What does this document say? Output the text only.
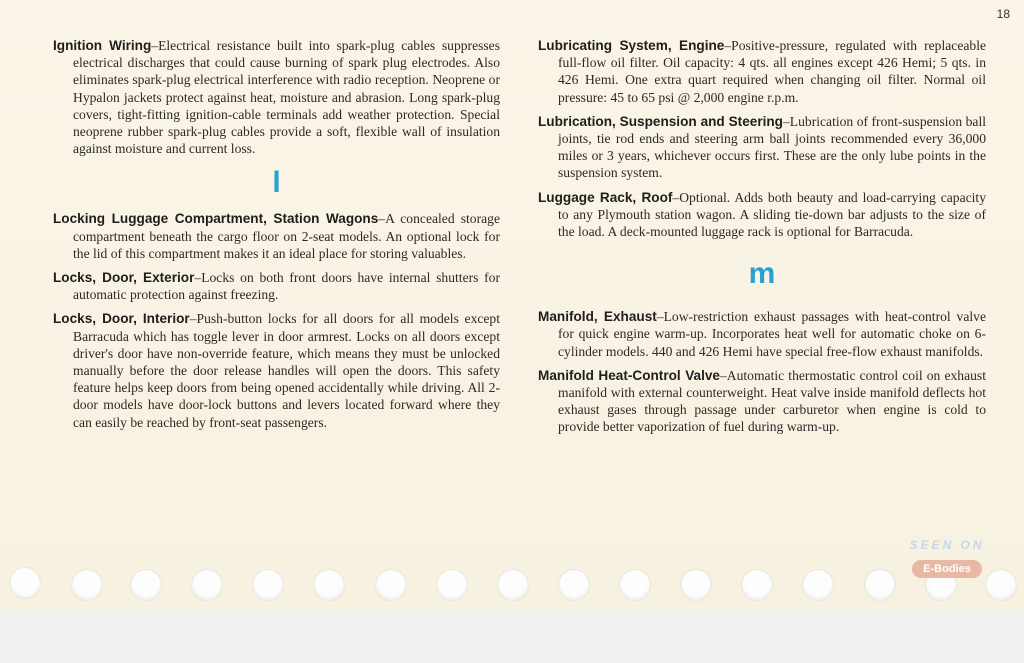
18

Ignition Wiring–Electrical resistance built into spark-plug cables suppresses electrical discharges that could cause burning of spark plug electrodes. Also eliminates spark-plug electrical interference with radio reception. Neoprene or Hypalon jackets protect against heat, moisture and abrasion. Long spark-plug covers, tight-fitting ignition-cable terminals add weather protection. Special neoprene rubber spark-plug cables provide a soft, flexible wall of insulation against moisture and current loss.

l

Locking Luggage Compartment, Station Wagons–A concealed storage compartment beneath the cargo floor on 2-seat models. An optional lock for the lid of this compartment makes it an ideal place for storing valuables.

Locks, Door, Exterior–Locks on both front doors have internal shutters for automatic protection against freezing.

Locks, Door, Interior–Push-button locks for all doors for all models except Barracuda which has toggle lever in door armrest. Locks on all doors except driver's door have non-override feature, which means they must be unlocked manually before the door release handles will open the doors. This safety feature helps keep doors from being opened accidentally while driving. All 2-door models have door-lock buttons and levers located forward where they can easily be reached by front-seat passengers.

Lubricating System, Engine–Positive-pressure, regulated with replaceable full-flow oil filter. Oil capacity: 4 qts. all engines except 426 Hemi; 5 qts. in 426 Hemi. One extra quart required when changing oil filter. Normal oil pressure: 45 to 65 psi @ 2,000 engine r.p.m.

Lubrication, Suspension and Steering–Lubrication of front-suspension ball joints, tie rod ends and steering arm ball joints recommended every 36,000 miles or 3 years, whichever occurs first. These are the only lube points in the suspension system.

Luggage Rack, Roof–Optional. Adds both beauty and load-carrying capacity to any Plymouth station wagon. A sliding tie-down bar adjusts to the size of the load. A deck-mounted luggage rack is optional for Barracuda.

m

Manifold, Exhaust–Low-restriction exhaust passages with heat-control valve for quick engine warm-up. Incorporates heat well for automatic choke on 6-cylinder models. 440 and 426 Hemi have special free-flow exhaust manifolds.

Manifold Heat-Control Valve–Automatic thermostatic control coil on exhaust manifold with external counterweight. Heat valve inside manifold deflects hot exhaust gases through passage under carburetor when engine is cold to provide better vaporization of fuel during warm-up.

SEEN ON
E-Bodies
